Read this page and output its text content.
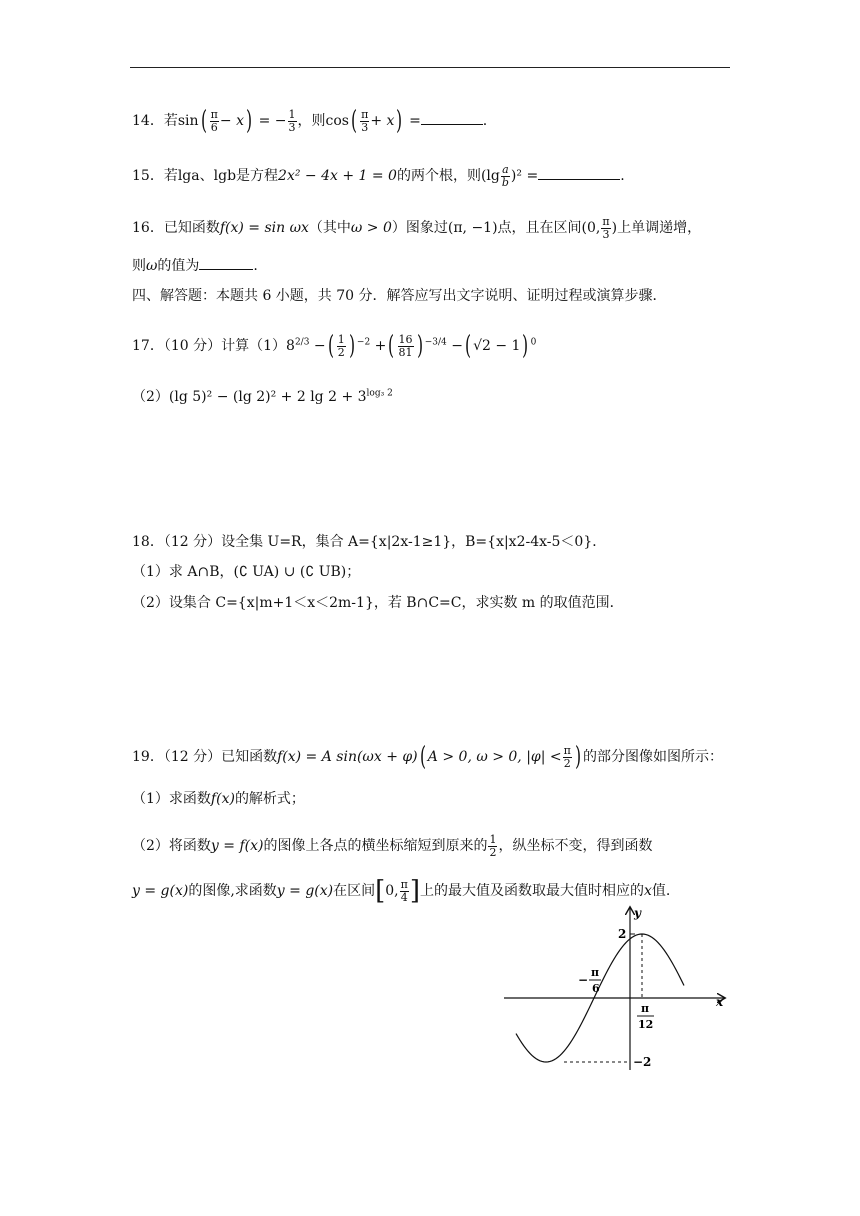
14．若$\sin( \frac{\pi}{6} - x)$ = − $\frac{1}{3}$ ，则$\cos( \frac{\pi}{3} + x)$ =	.
15．若lga、lgb是方程2x² − 4x + 1 = 0的两个根，则$(\lg \frac{a}{b} )^2$ =	.
16．已知函数f(x) = sin ωx（其中ω > 0）图象过(π, −1)点，且在区间(0, $\frac{\pi}{3}$ )上单调递增，
则ω的值为	.
四、解答题：本题共 6 小题，共 70 分．解答应写出文字说明、证明过程或演算步骤．
17．（10 分）计算$(1)8^{2/3}$ −( $\frac{1}{2}$ ) $^{-2}$ +( $\frac{16}{81}$ ) $^{-3/4}$ −( √2 − 1) $^0$
（2）(lg 5)² − (lg 2)² + 2 $\lg 2 + 3^{log_3 2}$
18．（12 分）设全集 U=R，集合 A={x|2x-1≥1}，B={x|x2-4x-5＜0}．
（1）求 A∩B，(∁ UA) ∪ (∁ UB)；
（2）设集合 C={x|m+1＜x＜2m-1}，若 B∩C=C，求实数 m 的取值范围．
19．（12 分）已知函数f(x) = A sin(ωx + φ)( A > 0, ω > 0, $|\varphi| < \frac{\pi}{2}$ ) 的部分图像如图所示：
（1）求函数f(x)的解析式；
（2）将函数y = f(x)的图像上各点的横坐标缩短到原来的 $\frac{1}{2}$ ，纵坐标不变，得到函数
y = g(x)的图像,求函数y = g(x)在区间[0, $\frac{\pi}{4}$ ]上的最大值及函数取最大值时相应的x值.
y
x
2
−2
−
π
6
π
12
